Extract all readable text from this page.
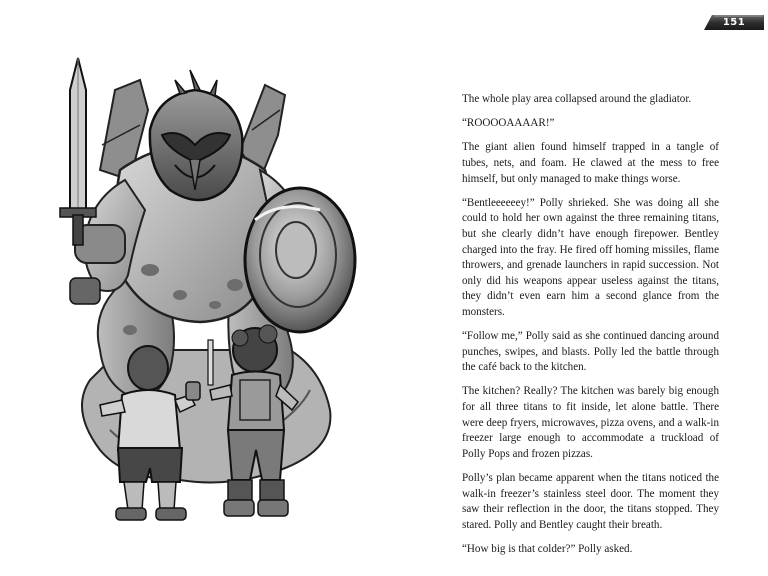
151

The whole play area collapsed around the gladiator.

“ROOOOAAAAR!”

The giant alien found himself trapped in a tangle of tubes, nets, and foam. He clawed at the mess to free himself, but only managed to make things worse.

“Bentleeeeeey!” Polly shrieked. She was doing all she could to hold her own against the three remaining titans, but she clearly didn’t have enough firepower. Bentley charged into the fray. He fired off homing missiles, flame throwers, and grenade launchers in rapid succession. Not only did his weapons appear useless against the titans, they didn’t even earn him a second glance from the monsters.

“Follow me,” Polly said as she continued dancing around punches, swipes, and blasts. Polly led the battle through the café back to the kitchen.

The kitchen? Really? The kitchen was barely big enough for all three titans to fit inside, let alone battle. There were deep fryers, microwaves, pizza ovens, and a walk-in freezer large enough to accommodate a truckload of Polly Pops and frozen pizzas.

Polly’s plan became apparent when the titans noticed the walk-in freezer’s stainless steel door. The moment they saw their reflection in the door, the titans stopped. They stared. Polly and Bentley caught their breath.

“How big is that colder?” Polly asked.
